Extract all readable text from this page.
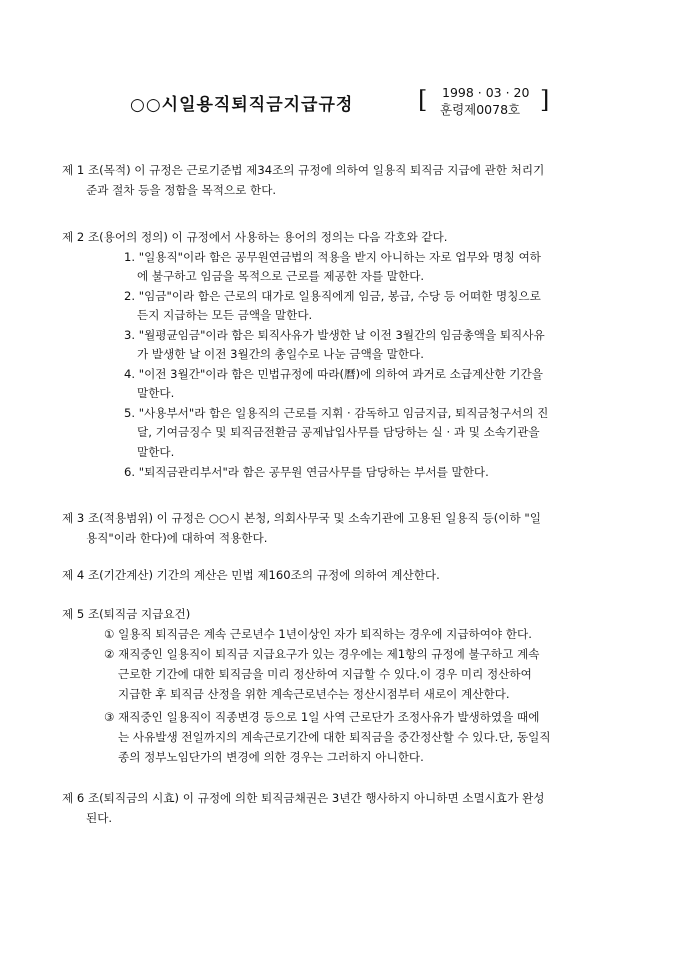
○○시일용직퇴직금지급규정	[ 1998 · 03 · 20
훈령제0078호 ]
제 1 조(목적) 이 규정은 근로기준법 제34조의 규정에 의하여 일용직 퇴직금 지급에 관한 처리기
준과 절차 등을 정함을 목적으로 한다.
제 2 조(용어의 정의) 이 규정에서 사용하는 용어의 정의는 다음 각호와 같다.
1. "일용직"이라 함은 공무원연금법의 적용을 받지 아니하는 자로 업무와 명칭 여하
에 불구하고 임금을 목적으로 근로를 제공한 자를 말한다.
2. "임금"이라 함은 근로의 대가로 일용직에게 임금, 봉급, 수당 등 어떠한 명칭으로
든지 지급하는 모든 금액을 말한다.
3. "월평균임금"이라 함은 퇴직사유가 발생한 날 이전 3월간의 임금총액을 퇴직사유
가 발생한 날 이전 3월간의 총일수로 나눈 금액을 말한다.
4. "이전 3월간"이라 함은 민법규정에 따라(曆)에 의하여 과거로 소급계산한 기간을
말한다.
5. "사용부서"라 함은 일용직의 근로를 지휘 · 감독하고 임금지급, 퇴직금청구서의 진
달, 기여금징수 및 퇴직금전환금 공제납입사무를 담당하는 실 · 과 및 소속기관을
말한다.
6. "퇴직금관리부서"라 함은 공무원 연금사무를 담당하는 부서를 말한다.
제 3 조(적용범위) 이 규정은 ○○시 본청, 의회사무국 및 소속기관에 고용된 일용직 등(이하 "일
용직"이라 한다)에 대하여 적용한다.
제 4 조(기간계산) 기간의 계산은 민법 제160조의 규정에 의하여 계산한다.
제 5 조(퇴직금 지급요건)
① 일용직 퇴직금은 계속 근로년수 1년이상인 자가 퇴직하는 경우에 지급하여야 한다.
② 재직중인 일용직이 퇴직금 지급요구가 있는 경우에는 제1항의 규정에 불구하고 계속
근로한 기간에 대한 퇴직금을 미리 정산하여 지급할 수 있다.이 경우 미리 정산하여
지급한 후 퇴직금 산정을 위한 계속근로년수는 정산시점부터 새로이 계산한다.
③ 재직중인 일용직이 직종변경 등으로 1일 사역 근로단가 조정사유가 발생하였을 때에
는 사유발생 전일까지의 계속근로기간에 대한 퇴직금을 중간정산할 수 있다.단, 동일직
종의 정부노임단가의 변경에 의한 경우는 그러하지 아니한다.
제 6 조(퇴직금의 시효) 이 규정에 의한 퇴직금채권은 3년간 행사하지 아니하면 소멸시효가 완성
된다.
